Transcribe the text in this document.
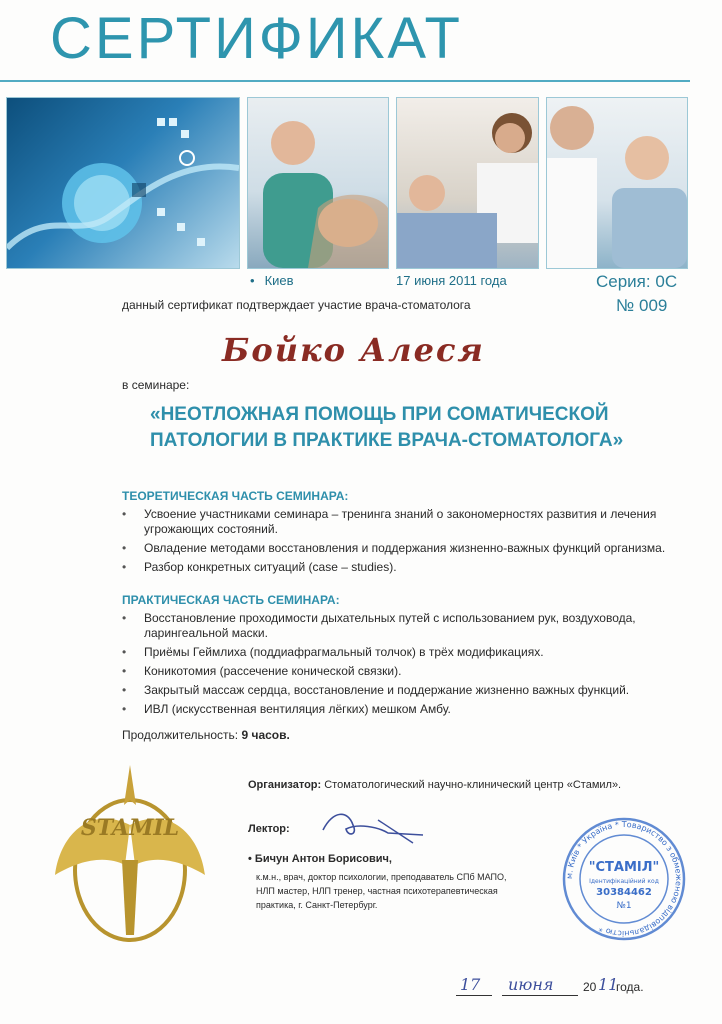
СЕРТИФИКАТ
• Киев	17 июня 2011 года	Серия: 0С
№ 009
данный сертификат подтверждает участие врача-стоматолога
Бойко Алеся
в семинаре:
«НЕОТЛОЖНАЯ ПОМОЩЬ ПРИ СОМАТИЧЕСКОЙ
ПАТОЛОГИИ В ПРАКТИКЕ ВРАЧА-СТОМАТОЛОГА»
ТЕОРЕТИЧЕСКАЯ ЧАСТЬ СЕМИНАРА:
• Усвоение участниками семинара – тренинга знаний о закономерностях развития и лечения угрожающих состояний.
• Овладение методами восстановления и поддержания жизненно-важных функций организма.
• Разбор конкретных ситуаций (case – studies).
ПРАКТИЧЕСКАЯ ЧАСТЬ СЕМИНАРА:
• Восстановление проходимости дыхательных путей с использованием рук, воздуховода, ларингеальной маски.
• Приёмы Геймлиха (поддиафрагмальный толчок) в трёх модификациях.
• Коникотомия (рассечение конической связки).
• Закрытый массаж сердца, восстановление и поддержание жизненно важных функций.
• ИВЛ (искусственная вентиляция лёгких) мешком Амбу.
Продолжительность: 9 часов.
STAMIL
Организатор: Стоматологический научно-клинический центр «Стамил».
Лектор:
• Бичун Антон Борисович,
к.м.н., врач, доктор психологии, преподаватель СПб МАПО,
НЛП мастер, НЛП тренер, частная психотерапевтическая
практика, г. Санкт-Петербург.
м. Київ * Україна * Товариство з обмеженою відповідальністю *
"СТАМІЛ"
Ідентифікаційний код
30384462
№1
17 июня 20 11
года.
